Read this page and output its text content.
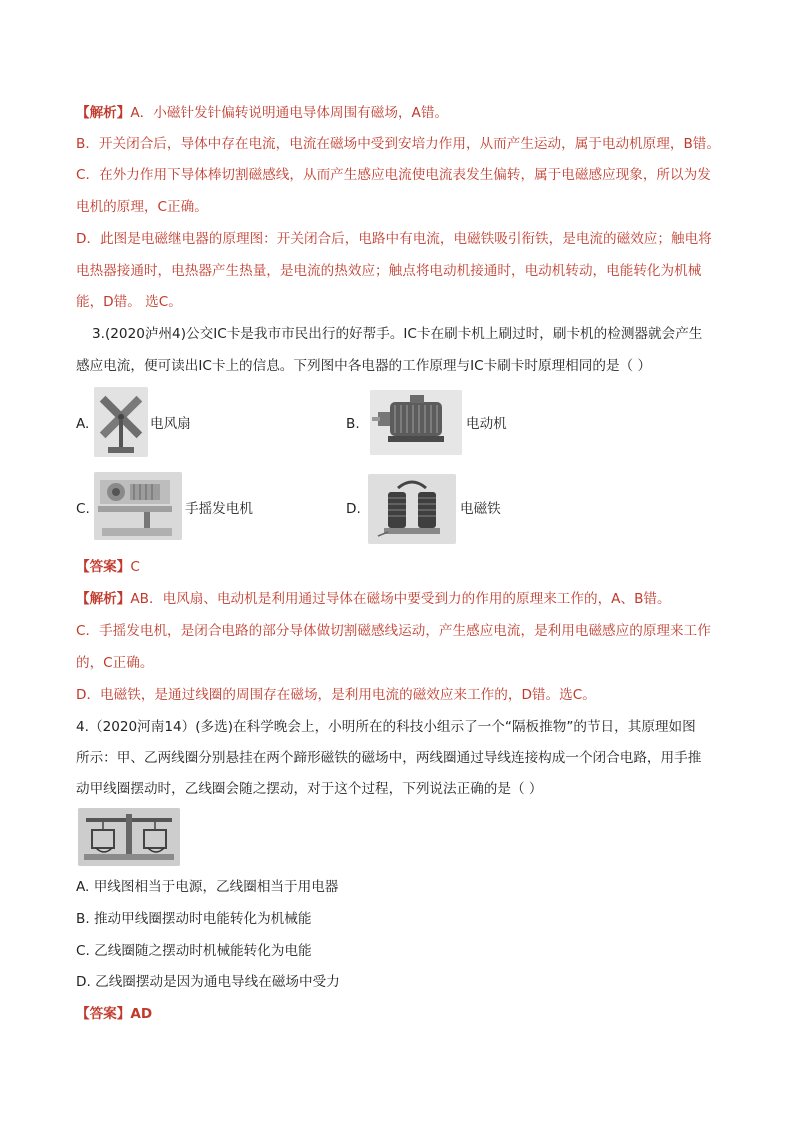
【解析】A．小磁针发针偏转说明通电导体周围有磁场，A错。
B．开关闭合后，导体中存在电流，电流在磁场中受到安培力作用，从而产生运动，属于电动机原理，B错。
C．在外力作用下导体棒切割磁感线，从而产生感应电流使电流表发生偏转，属于电磁感应现象，所以为发
电机的原理，C正确。
D．此图是电磁继电器的原理图：开关闭合后，电路中有电流，电磁铁吸引衔铁，是电流的磁效应；触电将
电热器接通时，电热器产生热量，是电流的热效应；触点将电动机接通时，电动机转动，电能转化为机械
能，D错。 选C。
3.(2020泸州4)公交IC卡是我市市民出行的好帮手。IC卡在刷卡机上刷过时，刷卡机的检测器就会产生
感应电流，便可读出IC卡上的信息。下列图中各电器的工作原理与IC卡刷卡时原理相同的是（ ）
A.	电风扇	B.	电动机
C.	手摇发电机	D.	电磁铁
【答案】C
【解析】AB．电风扇、电动机是利用通过导体在磁场中要受到力的作用的原理来工作的，A、B错。
C．手摇发电机，是闭合电路的部分导体做切割磁感线运动，产生感应电流，是利用电磁感应的原理来工作
的，C正确。
D．电磁铁，是通过线圈的周围存在磁场，是利用电流的磁效应来工作的，D错。选C。
4.（2020河南14）(多选)在科学晚会上，小明所在的科技小组示了一个“隔板推物”的节日，其原理如图
所示：甲、乙两线圈分别悬挂在两个蹄形磁铁的磁场中，两线圈通过导线连接构成一个闭合电路，用手推
动甲线圈摆动时，乙线圈会随之摆动，对于这个过程，下列说法正确的是（ ）
A. 甲线图相当于电源，乙线圈相当于用电器
B. 推动甲线圈摆动时电能转化为机械能
C. 乙线圈随之摆动时机械能转化为电能
D. 乙线圈摆动是因为通电导线在磁场中受力
【答案】AD
